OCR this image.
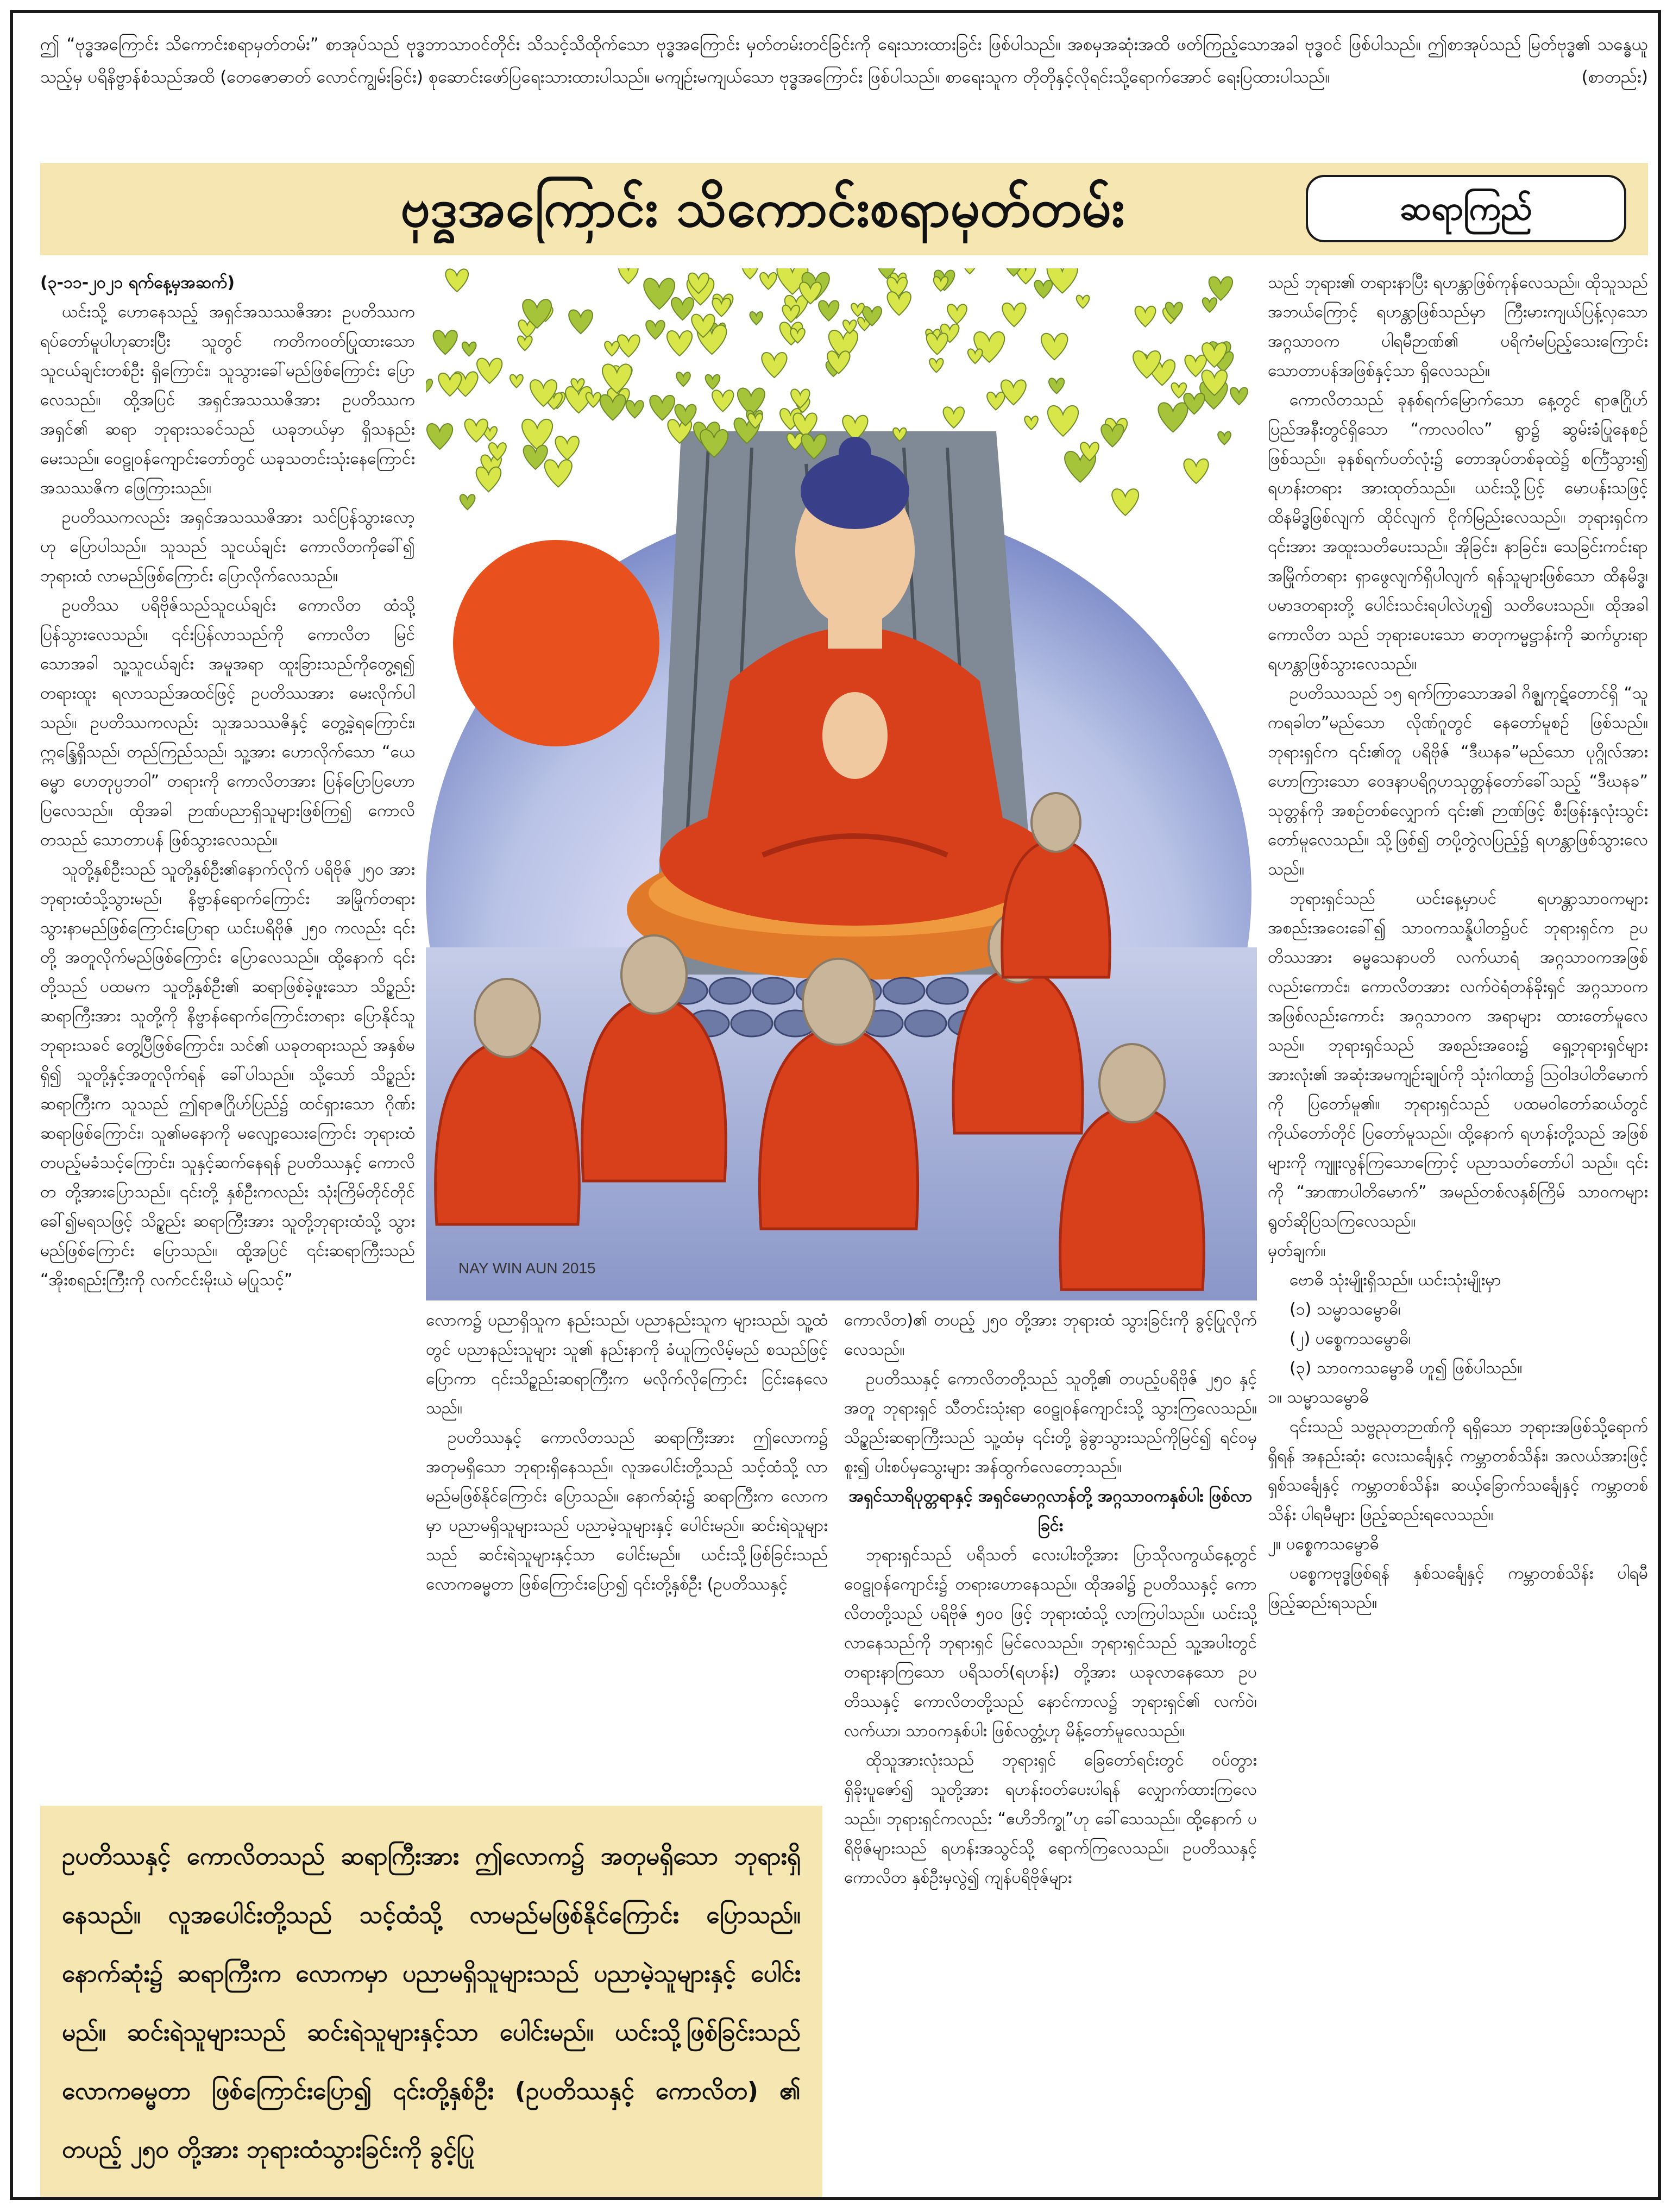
ဤ “ဗုဒ္ဓအကြောင်း သိကောင်းစရာမှတ်တမ်း” စာအုပ်သည် ဗုဒ္ဓဘာသာဝင်တိုင်း သိသင့်သိထိုက်သော ဗုဒ္ဓအကြောင်း မှတ်တမ်းတင်ခြင်းကို ရေးသားထားခြင်း ဖြစ်ပါသည်။ အစမှအဆုံးအထိ ဖတ်ကြည့်သောအခါ ဗုဒ္ဓဝင် ဖြစ်ပါသည်။ ဤစာအုပ်သည် မြတ်ဗုဒ္ဓ၏ သန္ဓေယူသည့်မှ ပရိနိဗ္ဗာန်စံသည်အထိ (တေဇောဓာတ် လောင်ကျွမ်းခြင်း) စုဆောင်းဖော်ပြရေးသားထားပါသည်။ မကျဉ်းမကျယ်သော ဗုဒ္ဓအကြောင်း ဖြစ်ပါသည်။ စာရေးသူက တိုတိုနှင့်လိုရင်းသို့ရောက်အောင် ရေးပြထားပါသည်။	(စာတည်း)
ဗုဒ္ဓအကြောင်း သိကောင်းစရာမှတ်တမ်း	ဆရာကြည်

(၃-၁၁-၂၀၂၁ ရက်နေ့မှအဆက်)

ယင်းသို့ ဟောနေသည့် အရှင်အသဿဇိအား ဥပတိဿက ရပ်တော်မူပါဟုဆားပြီး သူတွင် ကတိကဝတ်ပြုထားသော သူငယ်ချင်းတစ်ဦး ရှိကြောင်း၊ သူသွားခေါ်မည်ဖြစ်ကြောင်း ပြောလေသည်။ ထို့အပြင် အရှင်အသဿဇိအား ဥပတိဿက အရှင်၏ ဆရာ ဘုရားသခင်သည် ယခုဘယ်မှာ ရှိသနည်း မေးသည်။ ဝေဠုဝန်ကျောင်းတော်တွင် ယခုသတင်းသုံးနေကြောင်း အသဿဇိက ဖြေကြားသည်။

ဥပတိဿကလည်း အရှင်အသဿဇိအား သင်ပြန်သွားလော့ဟု ပြောပါသည်။ သူသည် သူငယ်ချင်း ကောလိတကိုခေါ်၍ ဘုရားထံ လာမည်ဖြစ်ကြောင်း ပြောလိုက်လေသည်။

ဥပတိဿ ပရိဗိုဇ်သည်သူငယ်ချင်း ကောလိတ ထံသို့ ပြန်သွားလေသည်။ ၎င်းပြန်လာသည်ကို ကောလိတ မြင်သောအခါ သူ့သူငယ်ချင်း အမူအရာ ထူးခြားသည်ကိုတွေ့ရ၍ တရားထူး ရလာသည်အထင်ဖြင့် ဥပတိဿအား မေးလိုက်ပါသည်။ ဥပတိဿကလည်း သူအသဿဇိနှင့် တွေ့ခဲ့ရကြောင်း၊ ဣန္ဒြေရှိသည်၊ တည်ကြည်သည်၊ သူ့အား ဟောလိုက်သော “ယေဓမ္မာ ဟေတုပ္ပဘဝါ” တရားကို ကောလိတအား ပြန်ပြောပြဟောပြလေသည်။ ထိုအခါ ဉာဏ်ပညာရှိသူများဖြစ်ကြ၍ ကောလိတသည် သောတာပန် ဖြစ်သွားလေသည်။

သူတို့နှစ်ဦးသည် သူတို့နှစ်ဦး၏နောက်လိုက် ပရိဗိုဇ် ၂၅၀ အား ဘုရားထံသို့သွားမည်၊ နိဗ္ဗာန်ရောက်ကြောင်း အမြိုက်တရား သွားနာမည်ဖြစ်ကြောင်းပြောရာ ယင်းပရိဗိုဇ် ၂၅၀ ကလည်း ၎င်းတို့ အတူလိုက်မည်ဖြစ်ကြောင်း ပြောလေသည်။ ထို့နောက် ၎င်းတို့သည် ပထမက သူတို့နှစ်ဦး၏ ဆရာဖြစ်ခဲ့ဖူးသော သိဉ္စည်းဆရာကြီးအား သူတို့ကို နိဗ္ဗာန်ရောက်ကြောင်းတရား ပြောနိုင်သူ ဘုရားသခင် တွေ့ပြီဖြစ်ကြောင်း၊ သင်၏ ယခုတရားသည် အနှစ်မရှိ၍ သူတို့နှင့်အတူလိုက်ရန် ခေါ်ပါသည်။ သို့သော် သိဉ္စည်းဆရာကြီးက သူသည် ဤရာဇဂြိုဟ်ပြည်၌ ထင်ရှားသော ဂိုဏ်းဆရာဖြစ်ကြောင်း၊ သူ၏မနောကို မလျော့သေးကြောင်း ဘုရားထံ တပည့်မခံသင့်ကြောင်း၊ သူနှင့်ဆက်နေရန် ဥပတိဿနှင့် ကောလိတ တို့အားပြောသည်။ ၎င်းတို့ နှစ်ဦးကလည်း သုံးကြိမ်တိုင်တိုင် ခေါ်၍မရသဖြင့် သိဉ္စည်း ဆရာကြီးအား သူတို့ဘုရားထံသို့ သွားမည်ဖြစ်ကြောင်း ပြောသည်။ ထို့အပြင် ၎င်းဆရာကြီးသည် “အိုးစရည်းကြီးကို လက်ငင်းမိုးယဲ မပြုသင့်”

NAY WIN AUN 2015

လောက၌ ပညာရှိသူက နည်းသည်၊ ပညာနည်းသူက များသည်၊ သူ့ထံတွင် ပညာနည်းသူများ သူ၏ နည်းနာကို ခံယူကြလိမ့်မည် စသည်ဖြင့်ပြောကာ ၎င်းသိဉ္စည်းဆရာကြီးက မလိုက်လိုကြောင်း ငြင်းနေလေသည်။

ဥပတိဿနှင့် ကောလိတသည် ဆရာကြီးအား ဤလောက၌ အတုမရှိသော ဘုရားရှိနေသည်။ လူအပေါင်းတို့သည် သင့်ထံသို့ လာမည်မဖြစ်နိုင်ကြောင်း ပြောသည်။ နောက်ဆုံး၌ ဆရာကြီးက လောကမှာ ပညာမရှိသူများသည် ပညာမဲ့သူများနှင့် ပေါင်းမည်။ ဆင်းရဲသူများသည် ဆင်းရဲသူများနှင့်သာ ပေါင်းမည်။ ယင်းသို့ဖြစ်ခြင်းသည် လောကဓမ္မတာ ဖြစ်ကြောင်းပြော၍ ၎င်းတို့နှစ်ဦး (ဥပတိဿနှင့်

ကောလိတ)၏ တပည့် ၂၅၀ တို့အား ဘုရားထံ သွားခြင်းကို ခွင့်ပြုလိုက်လေသည်။

ဥပတိဿနှင့် ကောလိတတို့သည် သူတို့၏ တပည့်ပရိဗိုဇ် ၂၅၀ နှင့်အတူ ဘုရားရှင် သီတင်းသုံးရာ ဝေဠုဝန်ကျောင်းသို့ သွားကြလေသည်။ သိဉ္စည်းဆရာကြီးသည် သူ့ထံမှ ၎င်းတို့ ခွဲခွာသွားသည်ကိုမြင်၍ ရင်ဝမှစူး၍ ပါးစပ်မှသွေးများ အန်ထွက်လေတော့သည်။

အရှင်သာရိပုတ္တရာနှင့် အရှင်မောဂ္ဂလာန်တို့ အဂ္ဂသာဝကနှစ်ပါး ဖြစ်လာခြင်း

ဘုရားရှင်သည် ပရိသတ် လေးပါးတို့အား ပြာသိုလကွယ်နေ့တွင် ဝေဠုဝန်ကျောင်း၌ တရားဟောနေသည်။ ထိုအခါ၌ ဥပတိဿနှင့် ကောလိတတို့သည် ပရိဗိုဇ် ၅၀၀ ဖြင့် ဘုရားထံသို့ လာကြပါသည်။ ယင်းသို့လာနေသည်ကို ဘုရားရှင် မြင်လေသည်။ ဘုရားရှင်သည် သူ့အပါးတွင် တရားနာကြသော ပရိသတ်(ရဟန်း) တို့အား ယခုလာနေသော ဥပတိဿနှင့် ကောလိတတို့သည် နောင်ကာလ၌ ဘုရားရှင်၏ လက်ဝဲ၊ လက်ယာ၊ သာဝကနှစ်ပါး ဖြစ်လတ္တံ့ဟု မိန့်တော်မူလေသည်။

ထိုသူအားလုံးသည် ဘုရားရှင် ခြေတော်ရင်းတွင် ဝပ်တွားရှိခိုးပူဇော်၍ သူတို့အား ရဟန်းဝတ်ပေးပါရန် လျှောက်ထားကြလေသည်။ ဘုရားရှင်ကလည်း “ဧဟိဘိက္ခု”ဟု ခေါ်သေသည်။ ထို့နောက် ပရိဗိုဇ်များသည် ရဟန်းအသွင်သို့ ရောက်ကြလေသည်။ ဥပတိဿနှင့် ကောလိတ နှစ်ဦးမှလွဲ၍ ကျန်ပရိဗိုဇ်များ

သည် ဘုရား၏ တရားနာပြီး ရဟန္တာဖြစ်ကုန်လေသည်။ ထိုသူသည် အဘယ်ကြောင့် ရဟန္တာဖြစ်သည်မှာ ကြီးမားကျယ်ပြန့်လှသော အဂ္ဂသာဝက ပါရမီဉာဏ်၏ ပရိကံမပြည့်သေးကြောင်း သောတာပန်အဖြစ်နှင့်သာ ရှိလေသည်။

ကောလိတသည် ခုနစ်ရက်မြောက်သော နေ့တွင် ရာဇဂြိုဟ်ပြည်အနီးတွင်ရှိသော “ကာလဝါလ” ရွာ၌ ဆွမ်းခံပြုနေစဉ် ဖြစ်သည်။ ခုနစ်ရက်ပတ်လုံး၌ တောအုပ်တစ်ခုထဲ၌ စင်္ကြံသွား၍ ရဟန်းတရား အားထုတ်သည်။ ယင်းသို့ပြင့် မောပန်းသဖြင့် ထိနမိဒ္ဓဖြစ်လျက် ထိုင်လျက် ငိုက်မြည်းလေသည်။ ဘုရားရှင်က ၎င်းအား အထူးသတိပေးသည်။ အိုခြင်း၊ နာခြင်း၊ သေခြင်းကင်းရာ အမြိုက်တရား ရှာဖွေလျက်ရှိပါလျက် ရန်သူများဖြစ်သော ထိနမိဒ္ဓ၊ ပမာဒတရားတို့ ပေါင်းသင်းရပါလဲဟူ၍ သတိပေးသည်။ ထိုအခါ ကောလိတ သည် ဘုရားပေးသော ဓာတုကမ္မဋ္ဌာန်းကို ဆက်ပွားရာ ရဟန္တာဖြစ်သွားလေသည်။

ဥပတိဿသည် ၁၅ ရက်ကြာသောအခါ ဂိဇ္ဈကုဋ်တောင်ရှိ “သူကရခါတ”မည်သော လိုဏ်ဂူတွင် နေတော်မူစဉ် ဖြစ်သည်။ ဘုရားရှင်က ၎င်း၏တူ ပရိဗိုဇ် “ဒီဃနခ”မည်သော ပုဂ္ဂိုလ်အား ဟောကြားသော ဝေဒနာပရိဂ္ဂဟသုတ္တန်တော်ခေါ်သည့် “ဒီဃနခ” သုတ္တန်ကို အစဉ်တစ်လျှောက် ၎င်း၏ ဉာဏ်ဖြင့် စီးဖြန်းနှလုံးသွင်းတော်မူလေသည်။ သို့ဖြစ်၍ တပို့တွဲလပြည့်၌ ရဟန္တာဖြစ်သွားလေသည်။

ဘုရားရှင်သည် ယင်းနေ့မှာပင် ရဟန္တာသာဝကများ အစည်းအဝေးခေါ်၍ သာဝကသန္နိပါတ၌ပင် ဘုရားရှင်က ဥပတိဿအား ဓမ္မသေနာပတိ လက်ယာရံ အဂ္ဂသာဝကအဖြစ်လည်းကောင်း၊ ကောလိတအား လက်ဝဲရံတန်ခိုးရှင် အဂ္ဂသာဝကအဖြစ်လည်းကောင်း အဂ္ဂသာဝက အရာများ ထားတော်မူလေသည်။ ဘုရားရှင်သည် အစည်းအဝေး၌ ရှေ့ဘုရားရှင်များအားလုံး၏ အဆုံးအမကျဉ်းချုပ်ကို သုံးဂါထာ၌ ဩဝါဒပါတိမောက်ကို ပြတော်မူ၏။ ဘုရားရှင်သည် ပထမဝါတော်ဆယ်တွင် ကိုယ်တော်တိုင် ပြတော်မူသည်။ ထို့နောက် ရဟန်းတို့သည် အဖြစ်များကို ကျူးလွန်ကြသောကြောင့် ပညာသတ်တော်ပါ သည်။ ၎င်းကို “အာဏာပါတိမောက်” အမည်တစ်လနှစ်ကြိမ် သာဝကများ ရွတ်ဆိုပြသကြလေသည်။

မှတ်ချက်။

ဗောဓိ သုံးမျိုးရှိသည်။ ယင်းသုံးမျိုးမှာ

(၁) သမ္မာသမ္ဗောဓိ၊

(၂) ပစ္စေကသမ္ဗောဓိ၊

(၃) သာဝကသမ္ဗောဓိ ဟူ၍ ဖြစ်ပါသည်။

၁။ သမ္မာသမ္ဗောဓိ

၎င်းသည် သဗ္ဗညုတဉာဏ်ကို ရရှိသော ဘုရားအဖြစ်သို့ရောက်ရှိရန် အနည်းဆုံး လေးသင်္ချေနှင့် ကမ္ဘာတစ်သိန်း၊ အလယ်အားဖြင့် ရှစ်သင်္ချေနှင့် ကမ္ဘာတစ်သိန်း၊ ဆယ့်ခြောက်သင်္ချေနှင့် ကမ္ဘာတစ်သိန်း ပါရမီများ ဖြည့်ဆည်းရလေသည်။

၂။ ပစ္စေကသမ္ဗောဓိ

ပစ္စေကဗုဒ္ဓဖြစ်ရန် နှစ်သင်္ချေနှင့် ကမ္ဘာတစ်သိန်း ပါရမီဖြည့်ဆည်းရသည်။

ဥပတိဿနှင့် ကောလိတသည် ဆရာကြီးအား ဤလောက၌ အတုမရှိသော ဘုရားရှိနေသည်။ လူအပေါင်းတို့သည် သင့်ထံသို့ လာမည်မဖြစ်နိုင်ကြောင်း ပြောသည်။ နောက်ဆုံး၌ ဆရာကြီးက လောကမှာ ပညာမရှိသူများသည် ပညာမဲ့သူများနှင့် ပေါင်းမည်။ ဆင်းရဲသူများသည် ဆင်းရဲသူများနှင့်သာ ပေါင်းမည်။ ယင်းသို့ဖြစ်ခြင်းသည် လောကဓမ္မတာ ဖြစ်ကြောင်းပြော၍ ၎င်းတို့နှစ်ဦး (ဥပတိဿနှင့် ကောလိတ) ၏ တပည့် ၂၅၀ တို့အား ဘုရားထံသွားခြင်းကို ခွင့်ပြု
